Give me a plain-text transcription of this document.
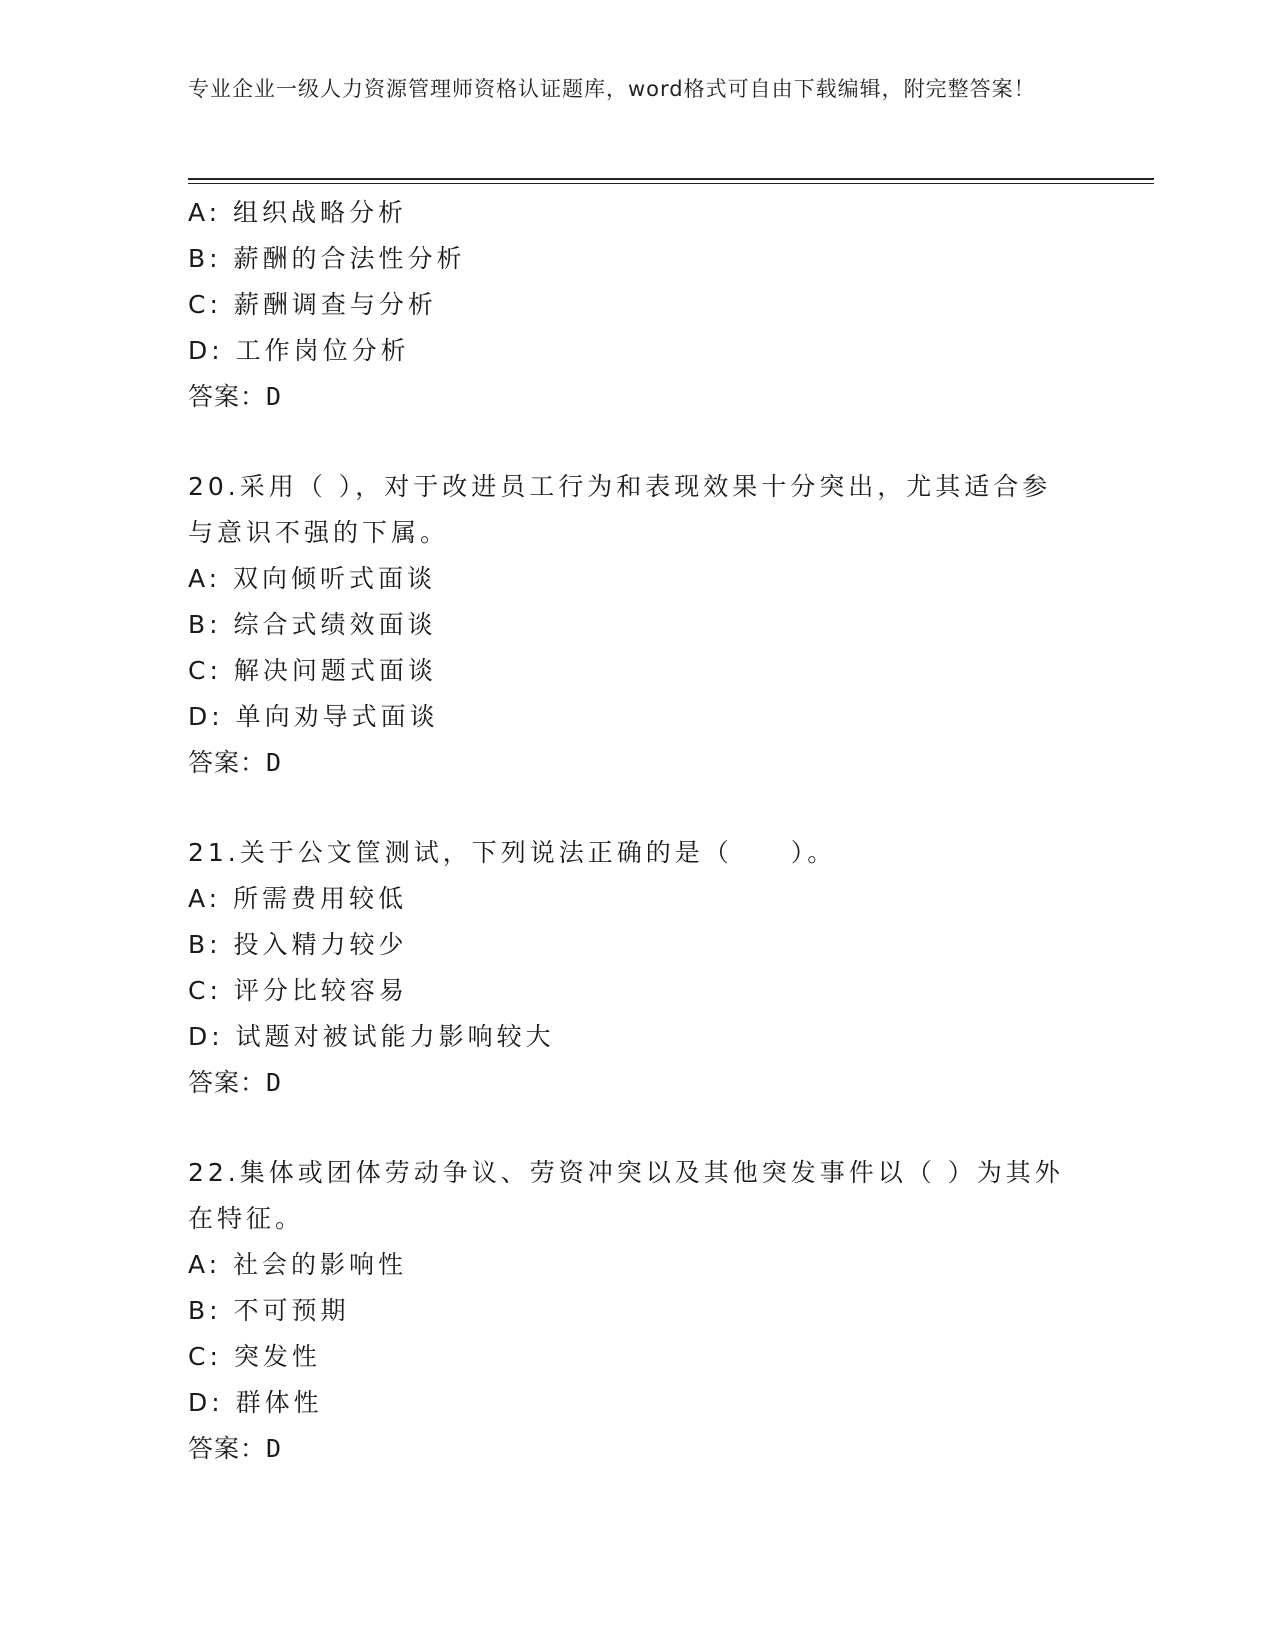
专业企业一级人力资源管理师资格认证题库，word格式可自由下载编辑，附完整答案！
A: 组织战略分析
B: 薪酬的合法性分析
C: 薪酬调查与分析
D: 工作岗位分析
答案：D
20.采用（ ），对于改进员工行为和表现效果十分突出，尤其适合参与意识不强的下属。
A: 双向倾听式面谈
B: 综合式绩效面谈
C: 解决问题式面谈
D: 单向劝导式面谈
答案：D
21.关于公文筐测试，下列说法正确的是（　　）。
A: 所需费用较低
B: 投入精力较少
C: 评分比较容易
D: 试题对被试能力影响较大
答案：D
22.集体或团体劳动争议、劳资冲突以及其他突发事件以（ ）为其外在特征。
A: 社会的影响性
B: 不可预期
C: 突发性
D: 群体性
答案：D
